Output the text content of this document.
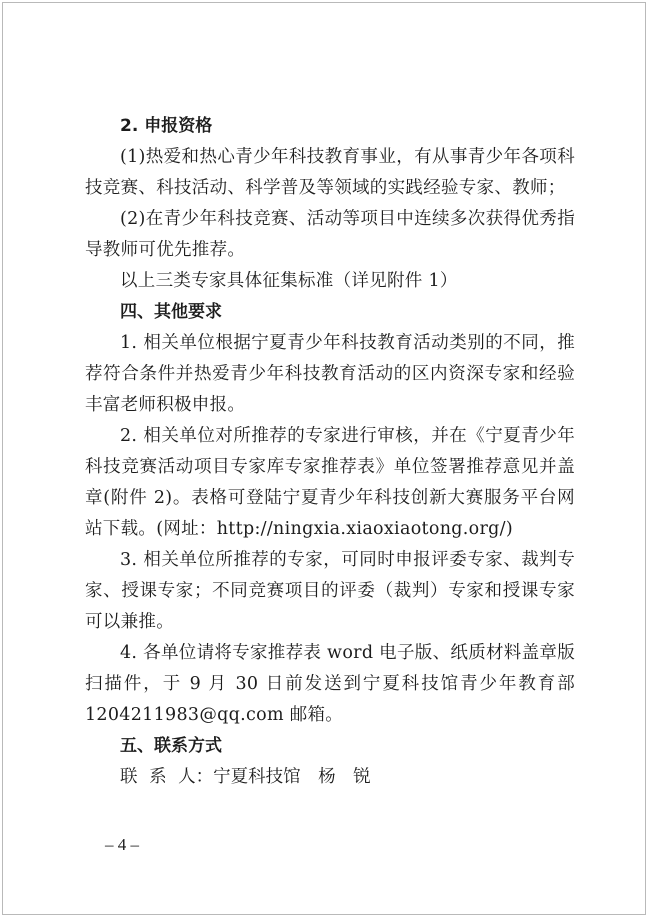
2. 申报资格

(1)热爱和热心青少年科技教育事业，有从事青少年各项科技竞赛、科技活动、科学普及等领域的实践经验专家、教师；

(2)在青少年科技竞赛、活动等项目中连续多次获得优秀指导教师可优先推荐。

以上三类专家具体征集标准（详见附件 1）

四、其他要求

1. 相关单位根据宁夏青少年科技教育活动类别的不同，推荐符合条件并热爱青少年科技教育活动的区内资深专家和经验丰富老师积极申报。

2. 相关单位对所推荐的专家进行审核，并在《宁夏青少年科技竞赛活动项目专家库专家推荐表》单位签署推荐意见并盖章(附件 2)。表格可登陆宁夏青少年科技创新大赛服务平台网站下载。(网址：http://ningxia.xiaoxiaotong.org/)

3. 相关单位所推荐的专家，可同时申报评委专家、裁判专家、授课专家；不同竞赛项目的评委（裁判）专家和授课专家可以兼推。

4. 各单位请将专家推荐表 word 电子版、纸质材料盖章版扫描件，于 9 月 30 日前发送到宁夏科技馆青少年教育部1204211983@qq.com 邮箱。

五、联系方式

联 系 人：宁夏科技馆　杨　锐

– 4 –
